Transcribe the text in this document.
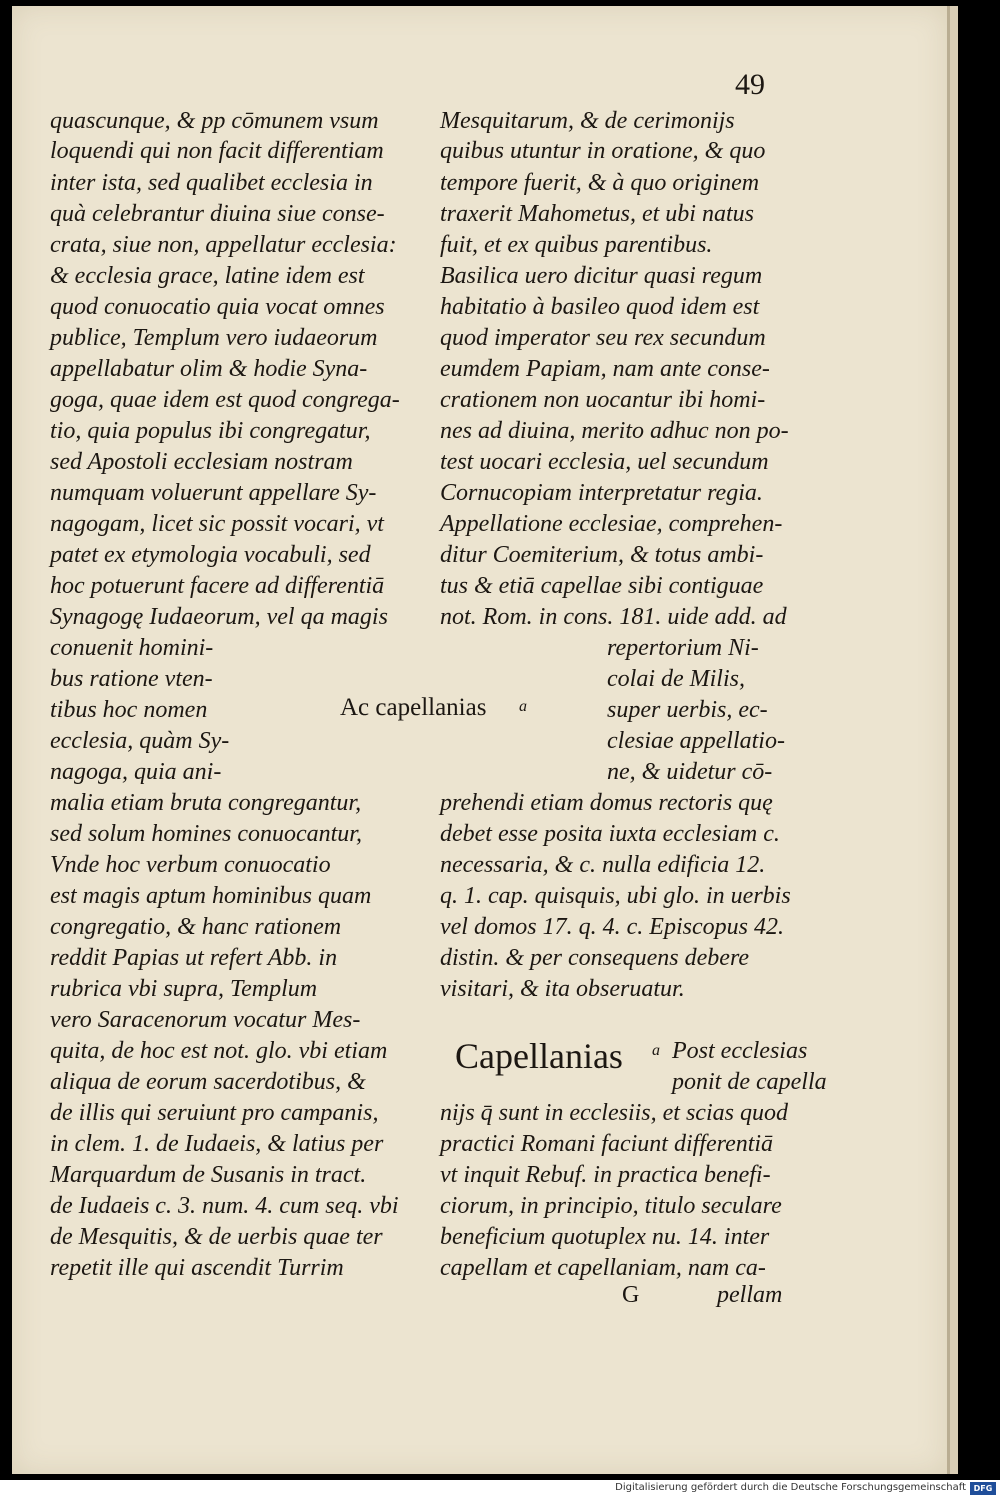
49
quascunque, & pp cōmunem vsum
loquendi qui non facit differentiam
inter ista, sed qualibet ecclesia in
quà celebrantur diuina siue conse-
crata, siue non, appellatur ecclesia:
& ecclesia grace, latine idem est
quod conuocatio quia vocat omnes
publice, Templum vero iudaeorum
appellabatur olim & hodie Syna-
goga, quae idem est quod congrega-
tio, quia populus ibi congregatur,
sed Apostoli ecclesiam nostram
numquam voluerunt appellare Sy-
nagogam, licet sic possit vocari, vt
patet ex etymologia vocabuli, sed
hoc potuerunt facere ad differentiā
Synagogę Iudaeorum, vel qa magis
conuenit homini-
bus ratione vten-
tibus hoc nomen
ecclesia, quàm Sy-
nagoga, quia ani-
malia etiam bruta congregantur,
sed solum homines conuocantur,
Vnde hoc verbum conuocatio
est magis aptum hominibus quam
congregatio, & hanc rationem
reddit Papias ut refert Abb. in
rubrica vbi supra, Templum
vero Saracenorum vocatur Mes-
quita, de hoc est not. glo. vbi etiam
aliqua de eorum sacerdotibus, &
de illis qui seruiunt pro campanis,
in clem. 1. de Iudaeis, & latius per
Marquardum de Susanis in tract.
de Iudaeis c. 3. num. 4. cum seq. vbi
de Mesquitis, & de uerbis quae ter
repetit ille qui ascendit Turrim
Ac capellanias a
Mesquitarum, & de cerimonijs
quibus utuntur in oratione, & quo
tempore fuerit, & à quo originem
traxerit Mahometus, et ubi natus
fuit, et ex quibus parentibus.
Basilica uero dicitur quasi regum
habitatio à basileo quod idem est
quod imperator seu rex secundum
eumdem Papiam, nam ante conse-
crationem non uocantur ibi homi-
nes ad diuina, merito adhuc non po-
test uocari ecclesia, uel secundum
Cornucopiam interpretatur regia.
Appellatione ecclesiae, comprehen-
ditur Coemiterium, & totus ambi-
tus & etiā capellae sibi contiguae
not. Rom. in cons. 181. uide add. ad
repertorium Ni-
colai de Milis,
super uerbis, ec-
clesiae appellatio-
ne, & uidetur cō-
prehendi etiam domus rectoris quę
debet esse posita iuxta ecclesiam c.
necessaria, & c. nulla edificia 12.
q. 1. cap. quisquis, ubi glo. in uerbis
vel domos 17. q. 4. c. Episcopus 42.
distin. & per consequens debere
visitari, & ita obseruatur.
Capellanias a Post ecclesias
ponit de capella
nijs q̄ sunt in ecclesiis, et scias quod
practici Romani faciunt differentiā
vt inquit Rebuf. in practica benefi-
ciorum, in principio, titulo seculare
beneficium quotuplex nu. 14. inter
capellam et capellaniam, nam ca-
G	pellam
Digitalisierung gefördert durch die Deutsche Forschungsgemeinschaft DFG
